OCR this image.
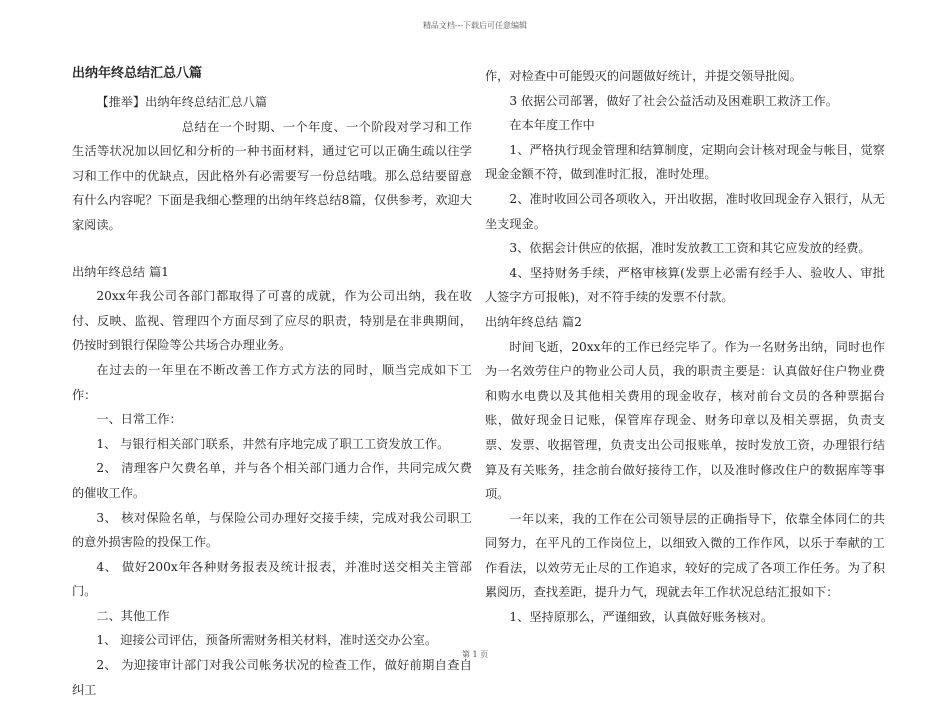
精品文档---下载后可任意编辑

出纳年终总结汇总八篇

【推举】出纳年终总结汇总八篇

总结在一个时期、一个年度、一个阶段对学习和工作生活等状况加以回忆和分析的一种书面材料，通过它可以正确生疏以往学习和工作中的优缺点，因此格外有必需要写一份总结哦。那么总结要留意有什么内容呢？下面是我细心整理的出纳年终总结8篇，仅供参考，欢迎大家阅读。

出纳年终总结 篇1

20xx年我公司各部门都取得了可喜的成就，作为公司出纳，我在收付、反映、监视、管理四个方面尽到了应尽的职责，特别是在非典期间，仍按时到银行保险等公共场合办理业务。

在过去的一年里在不断改善工作方式方法的同时，顺当完成如下工作：

一、日常工作：

1、 与银行相关部门联系，井然有序地完成了职工工资发放工作。

2、 清理客户欠费名单，并与各个相关部门通力合作，共同完成欠费的催收工作。

3、 核对保险名单，与保险公司办理好交接手续，完成对我公司职工的意外损害险的投保工作。

4、 做好200x年各种财务报表及统计报表，并准时送交相关主管部门。

二、其他工作

1、 迎接公司评估，预备所需财务相关材料，准时送交办公室。

2、 为迎接审计部门对我公司帐务状况的检查工作，做好前期自查自纠工

作，对检查中可能毁灭的问题做好统计，并提交领导批阅。

3 依据公司部署，做好了社会公益活动及困难职工救济工作。

在本年度工作中

1、严格执行现金管理和结算制度，定期向会计核对现金与帐目，觉察现金金额不符，做到准时汇报，准时处理。

2、准时收回公司各项收入，开出收据，准时收回现金存入银行，从无坐支现金。

3、依据会计供应的依据，准时发放教工工资和其它应发放的经费。

4、坚持财务手续，严格审核算(发票上必需有经手人、验收人、审批人签字方可报帐)，对不符手续的发票不付款。

出纳年终总结 篇2

时间飞逝，20xx年的工作已经完毕了。作为一名财务出纳，同时也作为一名效劳住户的物业公司人员，我的职责主要是：认真做好住户物业费和购水电费以及其他相关费用的现金收存，核对前台文员的各种票据台账，做好现金日记账，保管库存现金、财务印章以及相关票据，负责支票、发票、收据管理，负责支出公司报账单，按时发放工资，办理银行结算及有关账务，挂念前台做好接待工作，以及准时修改住户的数据库等事项。

一年以来，我的工作在公司领导层的正确指导下，依靠全体同仁的共同努力，在平凡的工作岗位上，以细致入微的工作作风，以乐于奉献的工作看法，以效劳无止尽的工作追求，较好的完成了各项工作任务。为了积累阅历，查找差距，提升力气，现就去年工作状况总结汇报如下：

1、坚持原那么，严谨细致，认真做好账务核对。

第 1 页
